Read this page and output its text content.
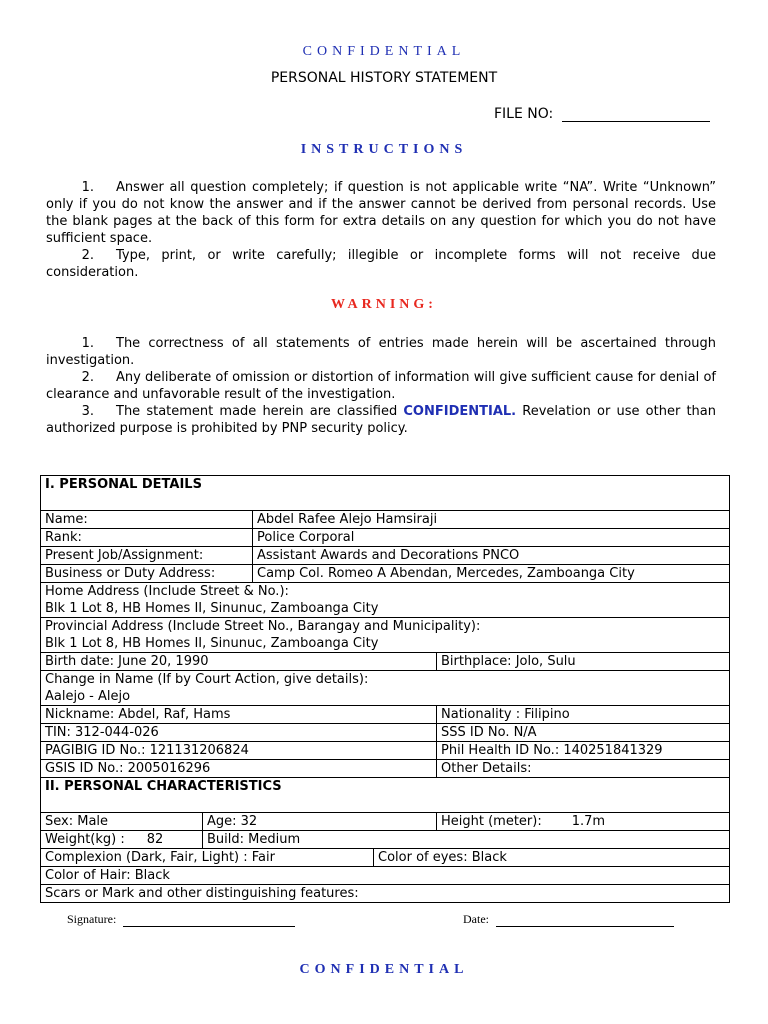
CONFIDENTIAL
PERSONAL HISTORY STATEMENT
FILE NO:
INSTRUCTIONS

1. Answer all question completely; if question is not applicable write “NA”. Write “Unknown” only if you do not know the answer and if the answer cannot be derived from personal records. Use the blank pages at the back of this form for extra details on any question for which you do not have sufficient space.

2. Type, print, or write carefully; illegible or incomplete forms will not receive due consideration.

WARNING:

1. The correctness of all statements of entries made herein will be ascertained through investigation.

2. Any deliberate of omission or distortion of information will give sufficient cause for denial of clearance and unfavorable result of the investigation.

3. The statement made herein are classified CONFIDENTIAL. Revelation or use other than authorized purpose is prohibited by PNP security policy.

I. PERSONAL DETAILS				
Name:		Abdel Rafee Alejo Hamsiraji		
Rank:		Police Corporal		
Present Job/Assignment:		Assistant Awards and Decorations PNCO		
Business or Duty Address:		Camp Col. Romeo A Abendan, Mercedes, Zamboanga City		

Home Address (Include Street & No.):
Blk 1 Lot 8, HB Homes II, Sinunuc, Zamboanga City				

Provincial Address (Include Street No., Barangay and Municipality):
Blk 1 Lot 8, HB Homes II, Sinunuc, Zamboanga City				

Birth date: June 20, 1990				Birthplace: Jolo, Sulu

Change in Name (If by Court Action, give details):
Aalejo - Alejo				

Nickname: Abdel, Raf, Hams				Nationality : Filipino
TIN: 312-044-026				SSS ID No. N/A
PAGIBIG ID No.: 121131206824				Phil Health ID No.: 140251841329
GSIS ID No.: 2005016296				Other Details:
II. PERSONAL CHARACTERISTICS				
Sex: Male	Age: 32			Height (meter): 1.7m
Weight(kg) : 82	Build: Medium			
Complexion (Dark, Fair, Light) : Fair			Color of eyes: Black	
Color of Hair: Black				
Scars or Mark and other distinguishing features:				
Signature:	Date:
CONFIDENTIAL
